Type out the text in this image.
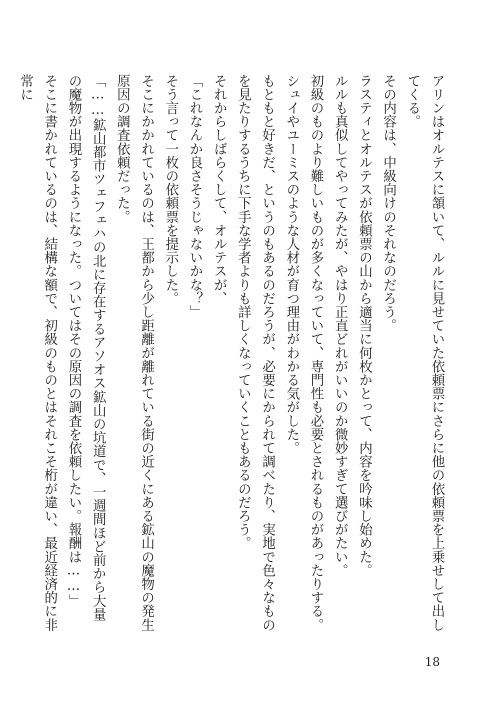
アリンはオルテスに頷いて、ルルに見せていた依頼票にさらに他の依頼票を上乗せして出してくる。

その内容は、中級向けのそれなのだろう。

ラスティとオルテスが依頼票の山から適当に何枚かとって、内容を吟味し始めた。

ルルも真似してやってみたが、やはり正直どれがいいのか微妙すぎて選びがたい。

初級のものより難しいものが多くなっていて、専門性も必要とされるものがあったりする。

シュイやユーミスのような人材が育つ理由がわかる気がした。

もともと好きだ、というのもあるのだろうが、必要にかられて調べたり、実地で色々なものを見たりするうちに下手な学者よりも詳しくなっていくこともあるのだろう。

それからしばらくして、オルテスが、

「これなんか良さそうじゃないかな？」

そう言って一枚の依頼票を提示した。

そこにかかれているのは、王都から少し距離が離れている街の近くにある鉱山の魔物の発生原因の調査依頼だった。

「……鉱山都市ツェフェハの北に存在するアソオス鉱山の坑道で、一週間ほど前から大量の魔物が出現するようになった。ついてはその原因の調査を依頼したい。報酬は……」

そこに書かれているのは、結構な額で、初級のものとはそれこそ桁が違い、最近経済的に非常に

18
